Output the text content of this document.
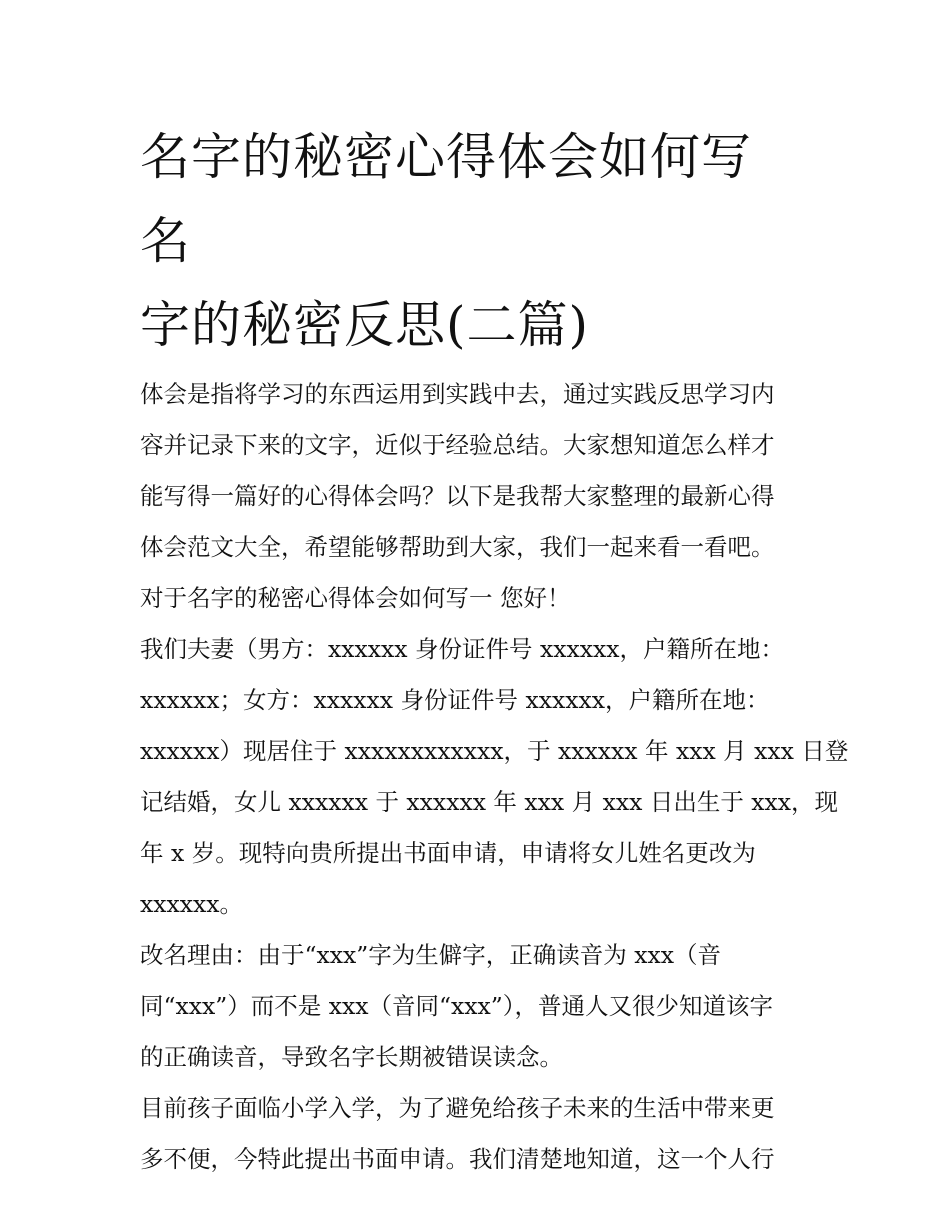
名字的秘密心得体会如何写 名
字的秘密反思(二篇)
体会是指将学习的东西运用到实践中去，通过实践反思学习内
容并记录下来的文字，近似于经验总结。大家想知道怎么样才
能写得一篇好的心得体会吗？以下是我帮大家整理的最新心得
体会范文大全，希望能够帮助到大家，我们一起来看一看吧。
对于名字的秘密心得体会如何写一 您好！
我们夫妻（男方：xxxxxx 身份证件号 xxxxxx，户籍所在地：
xxxxxx；女方：xxxxxx 身份证件号 xxxxxx，户籍所在地：
xxxxxx）现居住于 xxxxxxxxxxxx，于 xxxxxx 年 xxx 月 xxx 日登
记结婚，女儿 xxxxxx 于 xxxxxx 年 xxx 月 xxx 日出生于 xxx，现
年 x 岁。现特向贵所提出书面申请，申请将女儿姓名更改为
xxxxxx。
改名理由：由于“xxx”字为生僻字，正确读音为 xxx（音
同“xxx”）而不是 xxx（音同“xxx”），普通人又很少知道该字
的正确读音，导致名字长期被错误读念。
目前孩子面临小学入学，为了避免给孩子未来的生活中带来更
多不便，今特此提出书面申请。我们清楚地知道，这一个人行
